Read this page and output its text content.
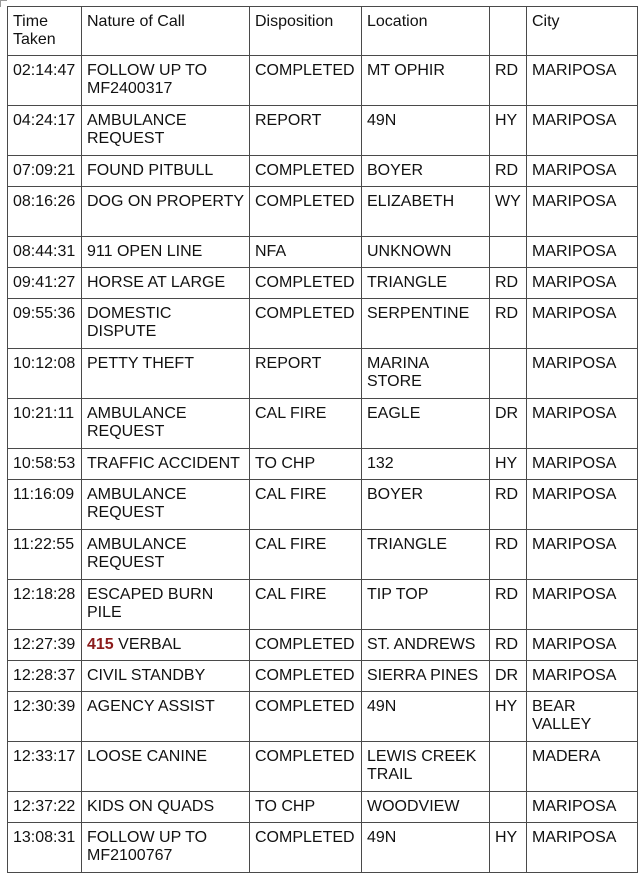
Time Taken	Nature of Call	Disposition	Location		City
02:14:47	FOLLOW UP TO MF2400317	COMPLETED	MT OPHIR	RD	MARIPOSA
04:24:17	AMBULANCE REQUEST	REPORT	49N	HY	MARIPOSA
07:09:21	FOUND PITBULL	COMPLETED	BOYER	RD	MARIPOSA
08:16:26	DOG ON PROPERTY	COMPLETED	ELIZABETH	WY	MARIPOSA
08:44:31	911 OPEN LINE	NFA	UNKNOWN		MARIPOSA
09:41:27	HORSE AT LARGE	COMPLETED	TRIANGLE	RD	MARIPOSA
09:55:36	DOMESTIC DISPUTE	COMPLETED	SERPENTINE	RD	MARIPOSA
10:12:08	PETTY THEFT	REPORT	MARINA STORE		MARIPOSA
10:21:11	AMBULANCE REQUEST	CAL FIRE	EAGLE	DR	MARIPOSA
10:58:53	TRAFFIC ACCIDENT	TO CHP	132	HY	MARIPOSA
11:16:09	AMBULANCE REQUEST	CAL FIRE	BOYER	RD	MARIPOSA
11:22:55	AMBULANCE REQUEST	CAL FIRE	TRIANGLE	RD	MARIPOSA
12:18:28	ESCAPED BURN PILE	CAL FIRE	TIP TOP	RD	MARIPOSA
12:27:39	415 VERBAL	COMPLETED	ST. ANDREWS	RD	MARIPOSA
12:28:37	CIVIL STANDBY	COMPLETED	SIERRA PINES	DR	MARIPOSA
12:30:39	AGENCY ASSIST	COMPLETED	49N	HY	BEAR VALLEY
12:33:17	LOOSE CANINE	COMPLETED	LEWIS CREEK TRAIL		MADERA
12:37:22	KIDS ON QUADS	TO CHP	WOODVIEW		MARIPOSA
13:08:31	FOLLOW UP TO MF2100767	COMPLETED	49N	HY	MARIPOSA
